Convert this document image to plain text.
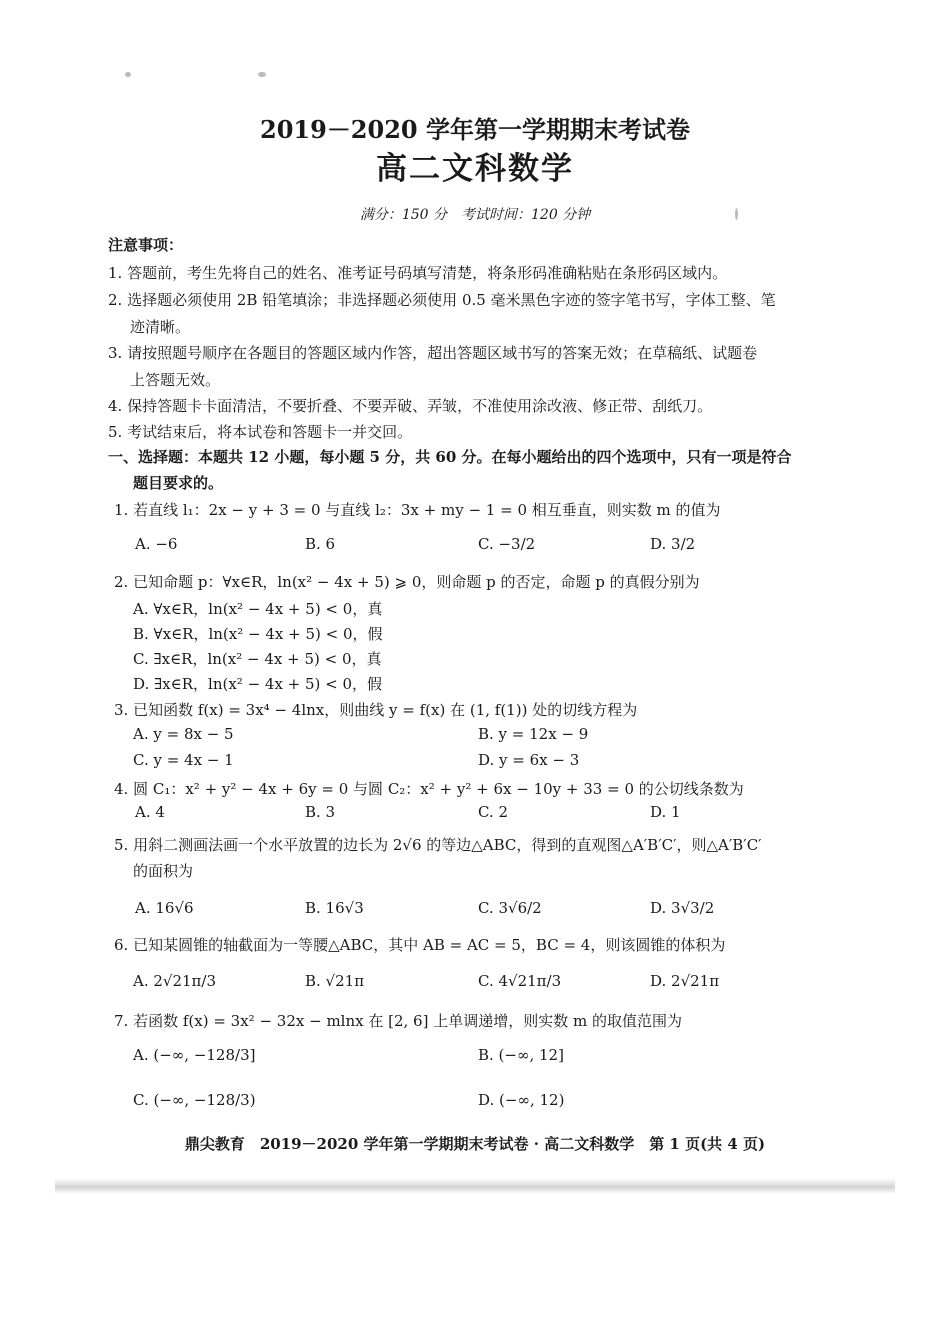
2019－2020 学年第一学期期末考试卷
高二文科数学
满分：150 分　考试时间：120 分钟
注意事项：
1. 答题前，考生先将自己的姓名、准考证号码填写清楚，将条形码准确粘贴在条形码区域内。
2. 选择题必须使用 2B 铅笔填涂；非选择题必须使用 0.5 毫米黑色字迹的签字笔书写，字体工整、笔
迹清晰。
3. 请按照题号顺序在各题目的答题区域内作答，超出答题区域书写的答案无效；在草稿纸、试题卷
上答题无效。
4. 保持答题卡卡面清洁，不要折叠、不要弄破、弄皱，不准使用涂改液、修正带、刮纸刀。
5. 考试结束后，将本试卷和答题卡一并交回。
一、选择题：本题共 12 小题，每小题 5 分，共 60 分。在每小题给出的四个选项中，只有一项是符合
题目要求的。
1. 若直线 l₁：2x − y + 3 = 0 与直线 l₂：3x + my − 1 = 0 相互垂直，则实数 m 的值为
A. −6	B. 6	C. −3/2	D. 3/2
2. 已知命题 p：∀x∈R，ln(x² − 4x + 5) ⩾ 0，则命题 p 的否定，命题 p 的真假分别为
A. ∀x∈R，ln(x² − 4x + 5) < 0，真
B. ∀x∈R，ln(x² − 4x + 5) < 0，假
C. ∃x∈R，ln(x² − 4x + 5) < 0，真
D. ∃x∈R，ln(x² − 4x + 5) < 0，假
3. 已知函数 f(x) = 3x⁴ − 4lnx，则曲线 y = f(x) 在 (1, f(1)) 处的切线方程为
A. y = 8x − 5	B. y = 12x − 9
C. y = 4x − 1	D. y = 6x − 3
4. 圆 C₁：x² + y² − 4x + 6y = 0 与圆 C₂：x² + y² + 6x − 10y + 33 = 0 的公切线条数为
A. 4	B. 3	C. 2	D. 1
5. 用斜二测画法画一个水平放置的边长为 2√6 的等边△ABC，得到的直观图△A′B′C′，则△A′B′C′
的面积为
A. 16√6	B. 16√3	C. 3√6/2	D. 3√3/2
6. 已知某圆锥的轴截面为一等腰△ABC，其中 AB = AC = 5，BC = 4，则该圆锥的体积为
A. 2√21π/3	B. √21π	C. 4√21π/3	D. 2√21π
7. 若函数 f(x) = 3x² − 32x − mlnx 在 [2, 6] 上单调递增，则实数 m 的取值范围为
A. (−∞, −128/3]	B. (−∞, 12]
C. (−∞, −128/3)	D. (−∞, 12)
鼎尖教育　2019－2020 学年第一学期期末考试卷 · 高二文科数学　第 1 页(共 4 页)
